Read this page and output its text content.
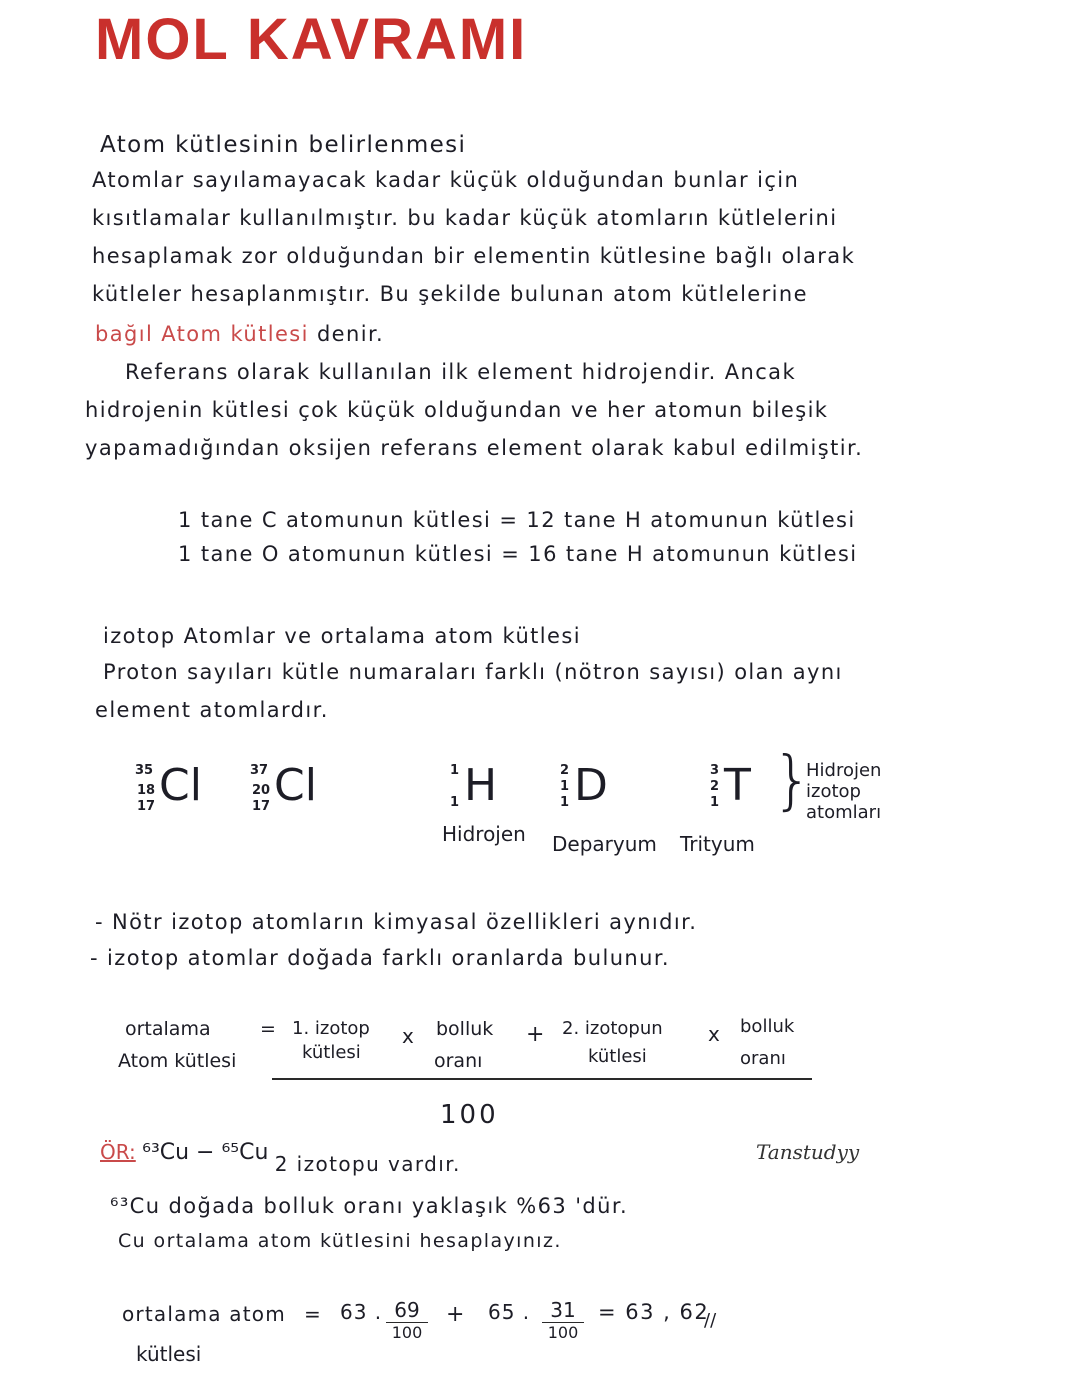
MOL KAVRAMI
Atom kütlesinin belirlenmesi
Atomlar sayılamayacak kadar küçük olduğundan bunlar için
kısıtlamalar kullanılmıştır. bu kadar küçük atomların kütlelerini
hesaplamak zor olduğundan bir elementin kütlesine bağlı olarak
kütleler hesaplanmıştır. Bu şekilde bulunan atom kütlelerine
bağıl Atom kütlesi denir.
Referans olarak kullanılan ilk element hidrojendir. Ancak
hidrojenin kütlesi çok küçük olduğundan ve her atomun bileşik
yapamadığından oksijen referans element olarak kabul edilmiştir.
1 tane C atomunun kütlesi = 12 tane H atomunun kütlesi
1 tane O atomunun kütlesi = 16 tane H atomunun kütlesi
izotop Atomlar ve ortalama atom kütlesi
Proton sayıları kütle numaraları farklı (nötron sayısı) olan aynı
element atomlardır.
35
18
17 Cl	37
20
17 Cl	1
1 H
Hidrojen
2
1
1 D
Deparyum
3
2
1 T
Trityum
}
Hidrojen
izotop
atomları
- Nötr izotop atomların kimyasal özellikleri aynıdır.
- izotop atomlar doğada farklı oranlarda bulunur.
ortalama
Atom kütlesi
= 1. izotop
kütlesi
x bolluk
oranı
+ 2. izotopun
kütlesi
x bolluk
oranı
100
ÖR: ⁶³Cu − ⁶⁵Cu 2 izotopu vardır.
⁶³Cu doğada bolluk oranı yaklaşık %63 'dür.
Cu ortalama atom kütlesini hesaplayınız.
Tanstudyy
ortalama atom
kütlesi
= 63 . 69
100
+ 65 .	31
100
= 63 , 62
//
